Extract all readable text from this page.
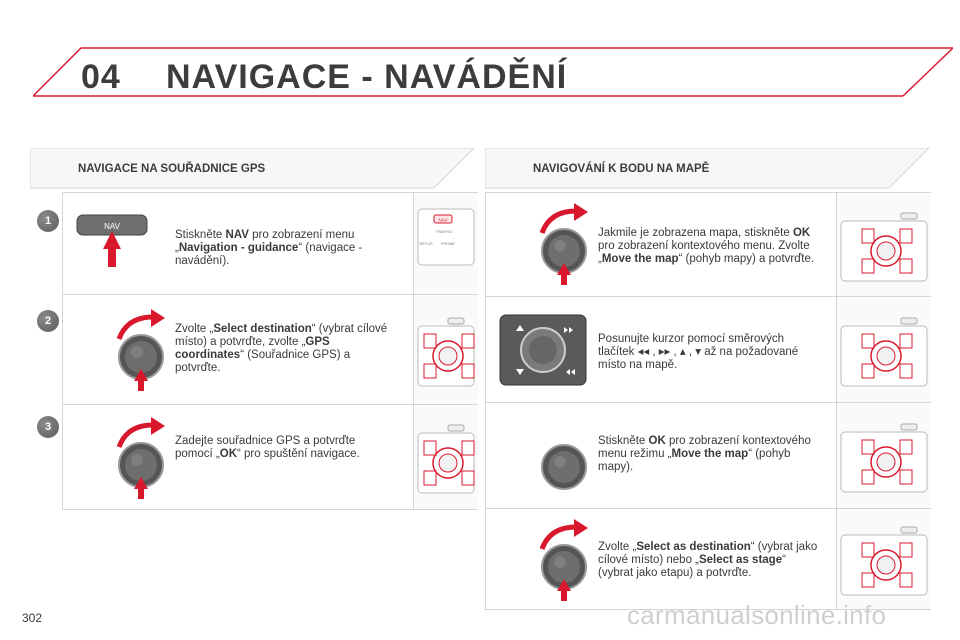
04 NAVIGACE - NAVÁDĚNÍ
NAVIGACE NA SOUŘADNICE GPS
1	NAV
Stiskněte NAV pro zobrazení menu „Navigation - guidance“ (navigace - navádění).
NAV
TRAFFIC
SETUP PHONE
2
Zvolte „Select destination“ (vybrat cílové místo) a potvrďte, zvolte „GPS coordinates“ (Souřadnice GPS) a potvrďte.
3
Zadejte souřadnice GPS a potvrďte pomocí „OK“ pro spuštění navigace.
NAVIGOVÁNÍ K BODU NA MAPĚ
Jakmile je zobrazena mapa, stiskněte OK pro zobrazení kontextového menu. Zvolte „Move the map“ (pohyb mapy) a potvrďte.
Posunujte kurzor pomocí směrových tlačítek ◂◂ , ▸▸ , ▴ , ▾ až na požadované místo na mapě.
Stiskněte OK pro zobrazení kontextového menu režimu „Move the map“ (pohyb mapy).
Zvolte „Select as destination“ (vybrat jako cílové místo) nebo „Select as stage“ (vybrat jako etapu) a potvrďte.
302	carmanualsonline.info
